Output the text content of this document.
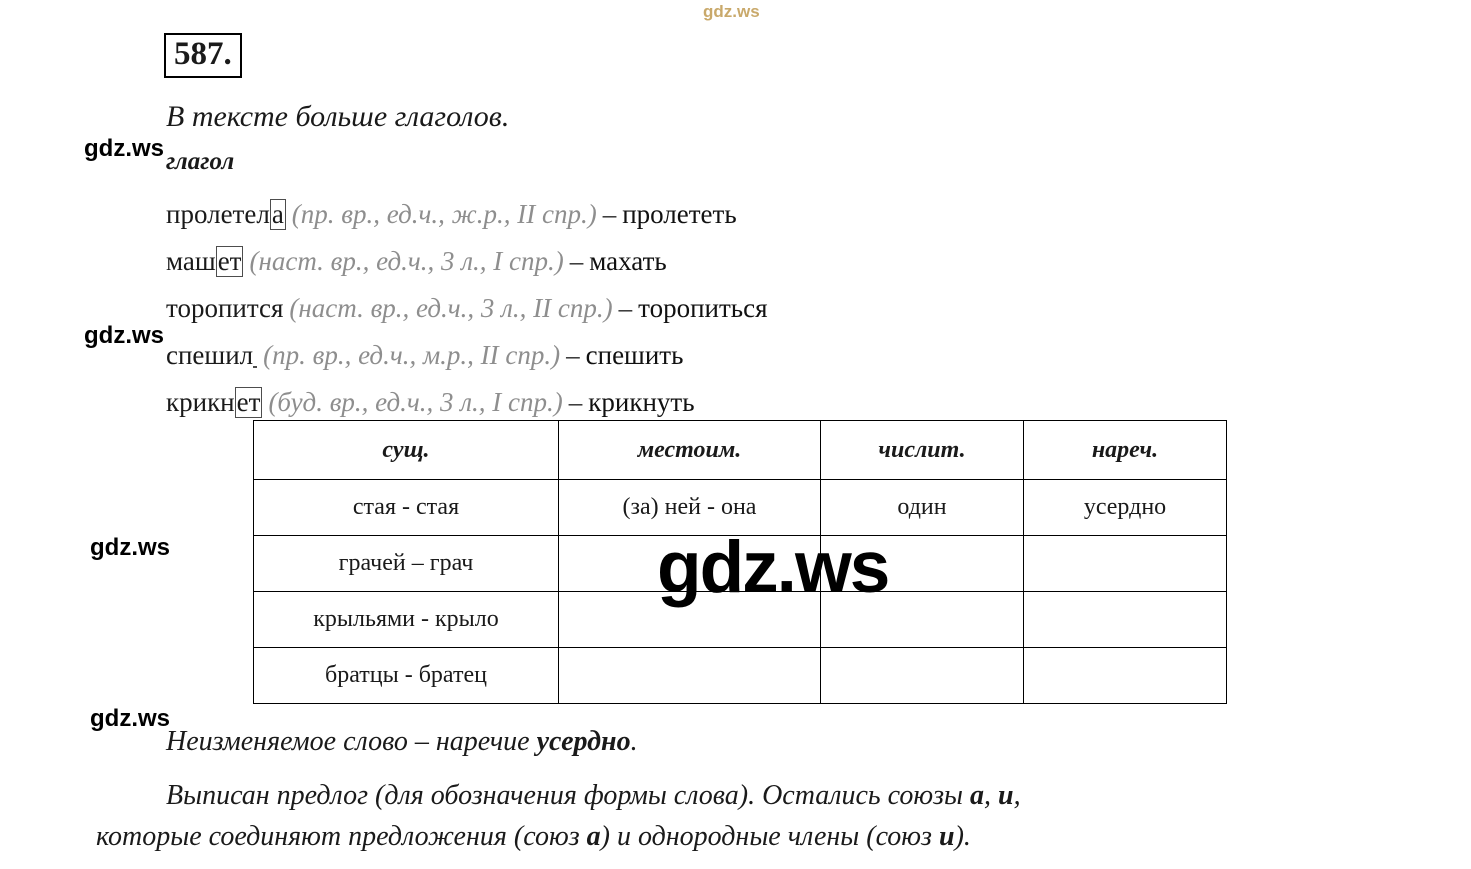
gdz.ws
gdz.ws
gdz.ws
gdz.ws
gdz.ws
gdz.ws
587.
В тексте больше глаголов.
глагол
пролетела (пр. вр., ед.ч., ж.р., II спр.) – пролететь
машет (наст. вр., ед.ч., 3 л., I спр.) – махать
торопится (наст. вр., ед.ч., 3 л., II спр.) – торопиться
спешил (пр. вр., ед.ч., м.р., II спр.) – спешить
крикнет (буд. вр., ед.ч., 3 л., I спр.) – крикнуть
сущ.	местоим.	числит.	нареч.
стая - стая	(за) ней - она	один	усердно
грачей – грач			
крыльями - крыло			
братцы - братец			
Неизменяемое слово – наречие усердно.
Выписан предлог (для обозначения формы слова). Остались союзы а, и,
которые соединяют предложения (союз а) и однородные члены (союз и).
